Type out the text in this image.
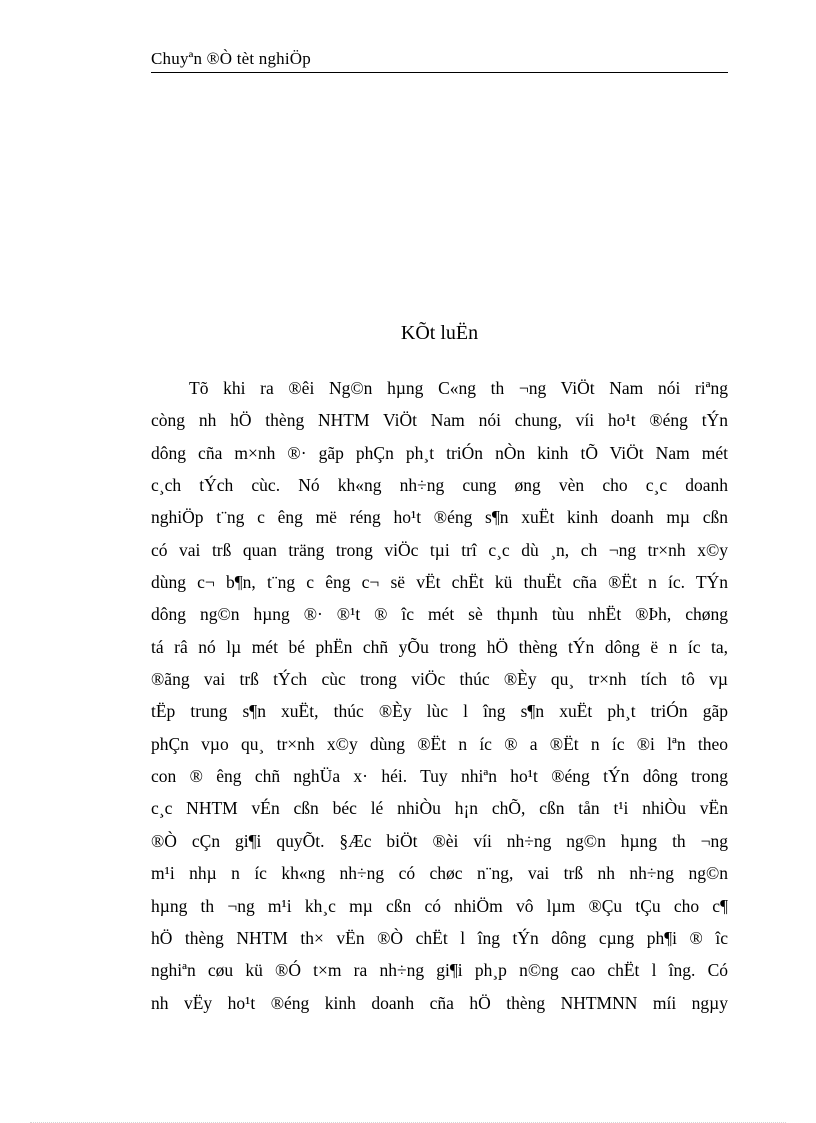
Chuyªn ®Ò tèt nghiÖp
KÕt luËn
Tõ khi ra ®êi Ng©n hµng C«ng th ¬ng ViÖt Nam nói riªng
còng nh hÖ thèng NHTM ViÖt Nam nói chung, víi ho¹t ®éng tÝn
dông cña m×nh ®· gãp phÇn ph¸t triÓn nÒn kinh tÕ ViÖt Nam mét
c¸ch tÝch cùc. Nó kh«ng nh÷ng cung øng vèn cho c¸c doanh
nghiÖp t¨ng c êng më réng ho¹t ®éng s¶n xuËt kinh doanh mµ cßn
có vai trß quan träng trong viÖc tµi trî c¸c dù ¸n, ch ¬ng tr×nh x©y
dùng c¬ b¶n, t¨ng c êng c¬ së vËt chËt kü thuËt cña ®Ët n íc. TÝn
dông ng©n hµng ®· ®¹t ® îc mét sè thµnh tùu nhËt ®Þh, chøng
tá râ nó lµ mét bé phËn chñ yÕu trong hÖ thèng tÝn dông ë n íc ta,
®ãng vai trß tÝch cùc trong viÖc thúc ®Èy qu¸ tr×nh tích tô vµ
tËp trung s¶n xuËt, thúc ®Èy lùc l îng s¶n xuËt ph¸t triÓn gãp
phÇn vµo qu¸ tr×nh x©y dùng ®Ët n íc ® a ®Ët n íc ®i lªn theo
con ® êng chñ nghÜa x· héi. Tuy nhiªn ho¹t ®éng tÝn dông trong
c¸c NHTM vÉn cßn béc lé nhiÒu h¡n chÕ, cßn tån t¹i nhiÒu vËn
®Ò cÇn gi¶i quyÕt. §Æc biÖt ®èi víi nh÷ng ng©n hµng th ¬ng
m¹i nhµ n íc kh«ng nh÷ng có chøc n¨ng, vai trß nh nh÷ng ng©n
hµng th ¬ng m¹i kh¸c mµ cßn có nhiÖm vô lµm ®Çu tÇu cho c¶
hÖ thèng NHTM th× vËn ®Ò chËt l îng tÝn dông cµng ph¶i ® îc
nghiªn cøu kü ®Ó t×m ra nh÷ng gi¶i ph¸p n©ng cao chËt l îng. Có
nh vËy ho¹t ®éng kinh doanh cña hÖ thèng NHTMNN míi ngµy
